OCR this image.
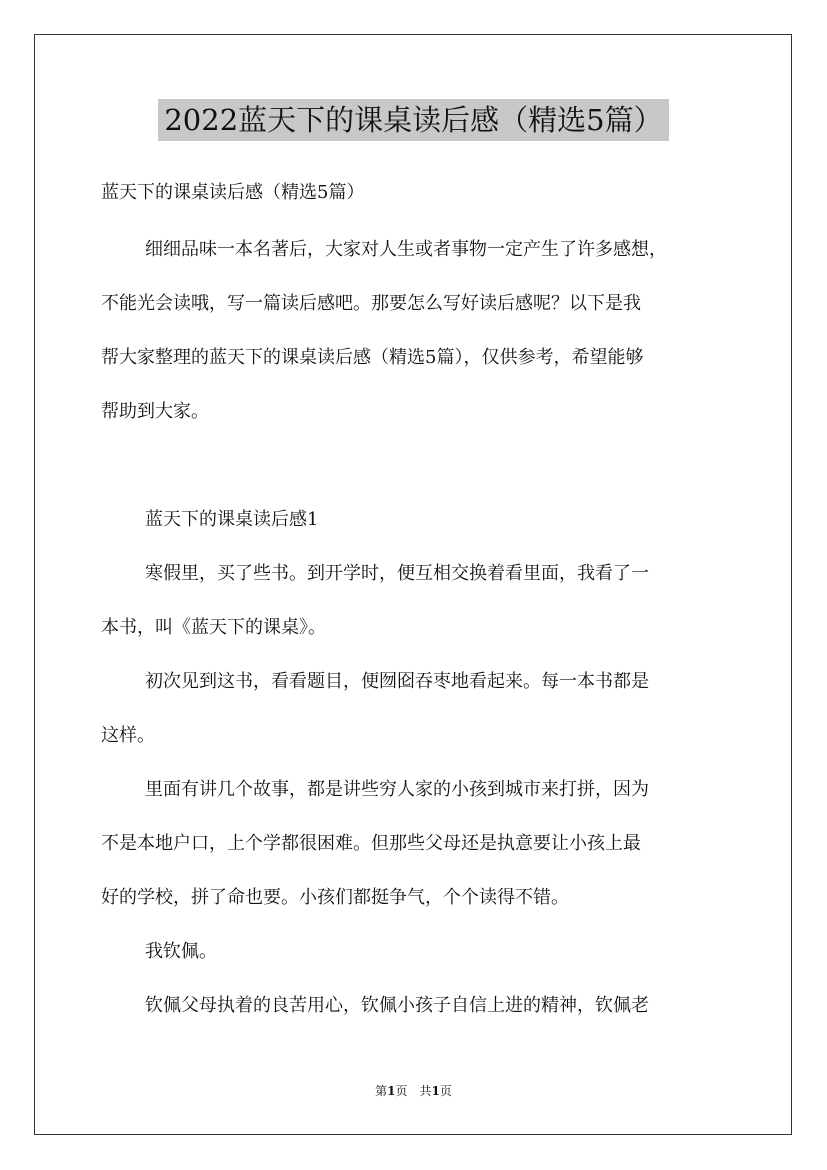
2022蓝天下的课桌读后感（精选5篇）
蓝天下的课桌读后感（精选5篇）
细细品味一本名著后，大家对人生或者事物一定产生了许多感想，
不能光会读哦，写一篇读后感吧。那要怎么写好读后感呢？以下是我
帮大家整理的蓝天下的课桌读后感（精选5篇），仅供参考，希望能够
帮助到大家。
蓝天下的课桌读后感1
寒假里，买了些书。到开学时，便互相交换着看里面，我看了一
本书，叫《蓝天下的课桌》。
初次见到这书，看看题目，便囫囵吞枣地看起来。每一本书都是
这样。
里面有讲几个故事，都是讲些穷人家的小孩到城市来打拼，因为
不是本地户口，上个学都很困难。但那些父母还是执意要让小孩上最
好的学校，拼了命也要。小孩们都挺争气，个个读得不错。
我钦佩。
钦佩父母执着的良苦用心，钦佩小孩子自信上进的精神，钦佩老
第1页　共1页
